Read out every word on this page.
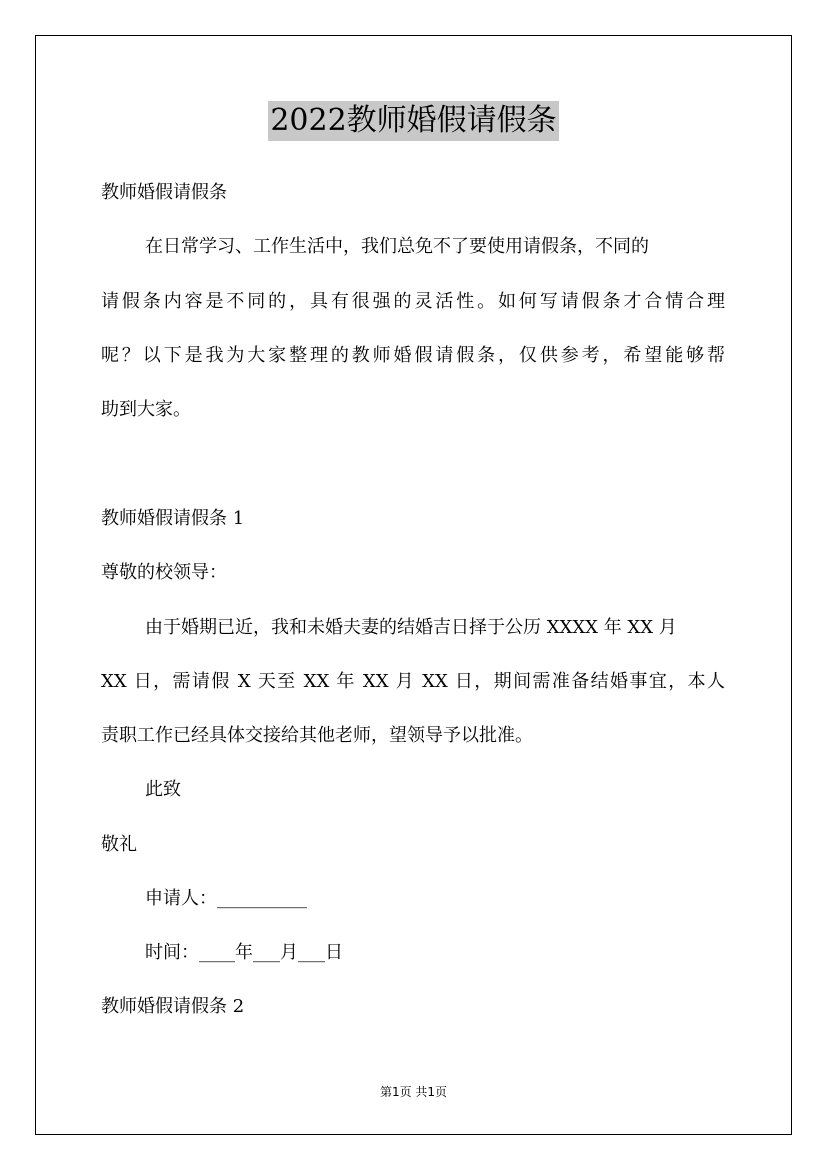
2022教师婚假请假条
教师婚假请假条
在日常学习、工作生活中，我们总免不了要使用请假条，不同的
请假条内容是不同的，具有很强的灵活性。如何写请假条才合情合理
呢？以下是我为大家整理的教师婚假请假条，仅供参考，希望能够帮
助到大家。
教师婚假请假条 1
尊敬的校领导：
由于婚期已近，我和未婚夫妻的结婚吉日择于公历 XXXX 年 XX 月
XX 日，需请假 X 天至 XX 年 XX 月 XX 日，期间需准备结婚事宜，本人
责职工作已经具体交接给其他老师，望领导予以批准。
此致
敬礼
申请人：__________
时间：____年___月___日
教师婚假请假条 2
第1页 共1页
